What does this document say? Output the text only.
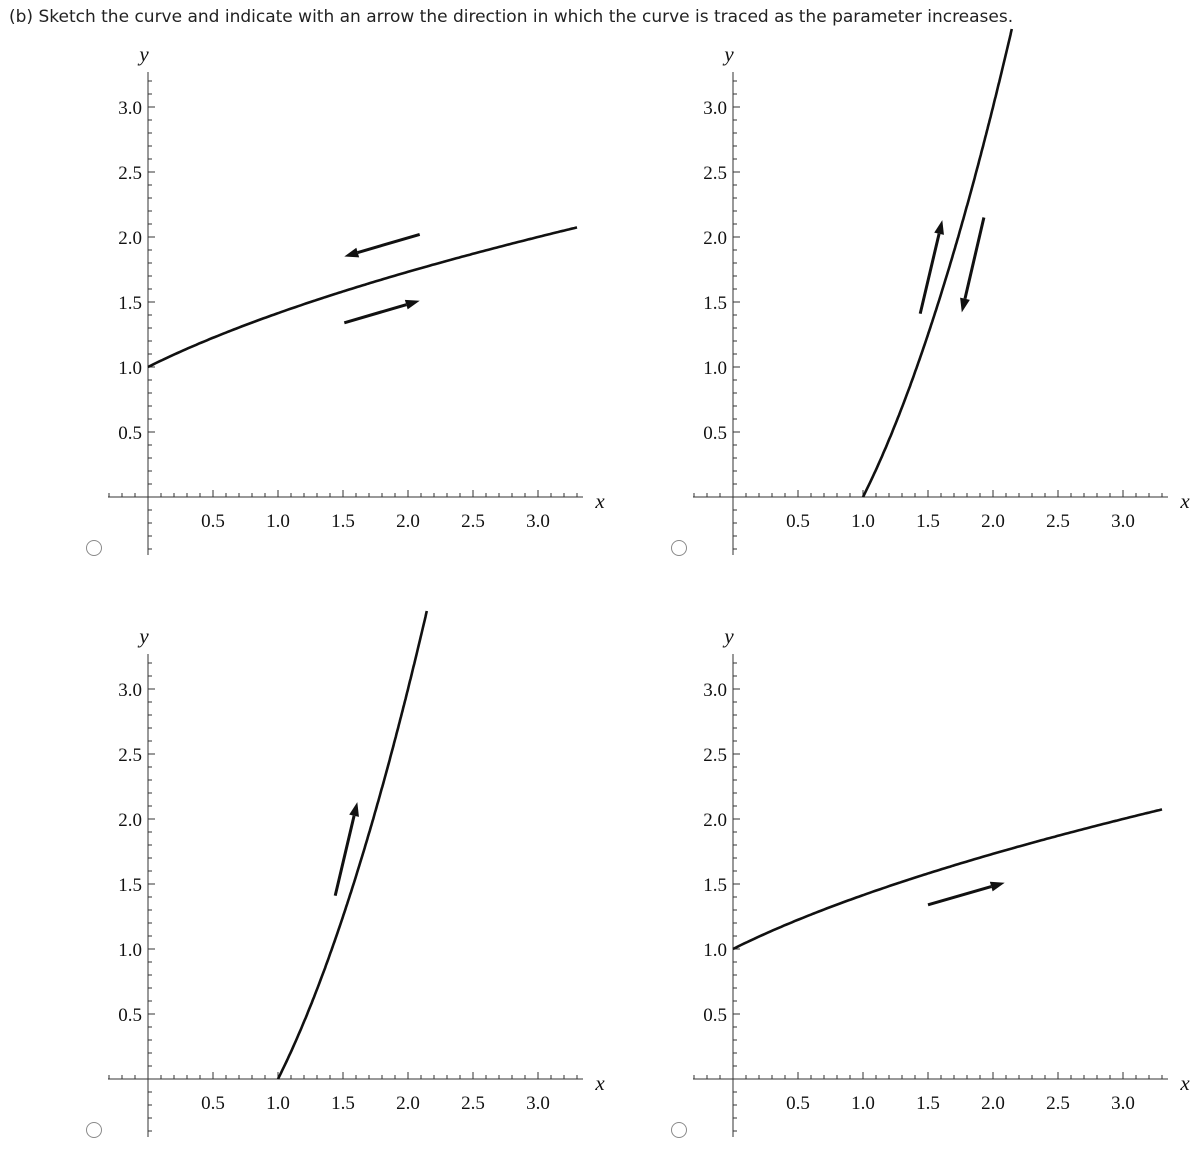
(b) Sketch the curve and indicate with an arrow the direction in which the curve is traced as the parameter increases.
0.5 1.0 1.5 2.0 2.5 3.0
0.5
1.0
1.5
2.0
2.5
3.0
x
y
0.5 1.0 1.5 2.0 2.5 3.0
0.5
1.0
1.5
2.0
2.5
3.0
x
y
0.5 1.0 1.5 2.0 2.5 3.0
0.5
1.0
1.5
2.0
2.5
3.0
x
y
0.5 1.0 1.5 2.0 2.5 3.0
0.5
1.0
1.5
2.0
2.5
3.0
x
y
